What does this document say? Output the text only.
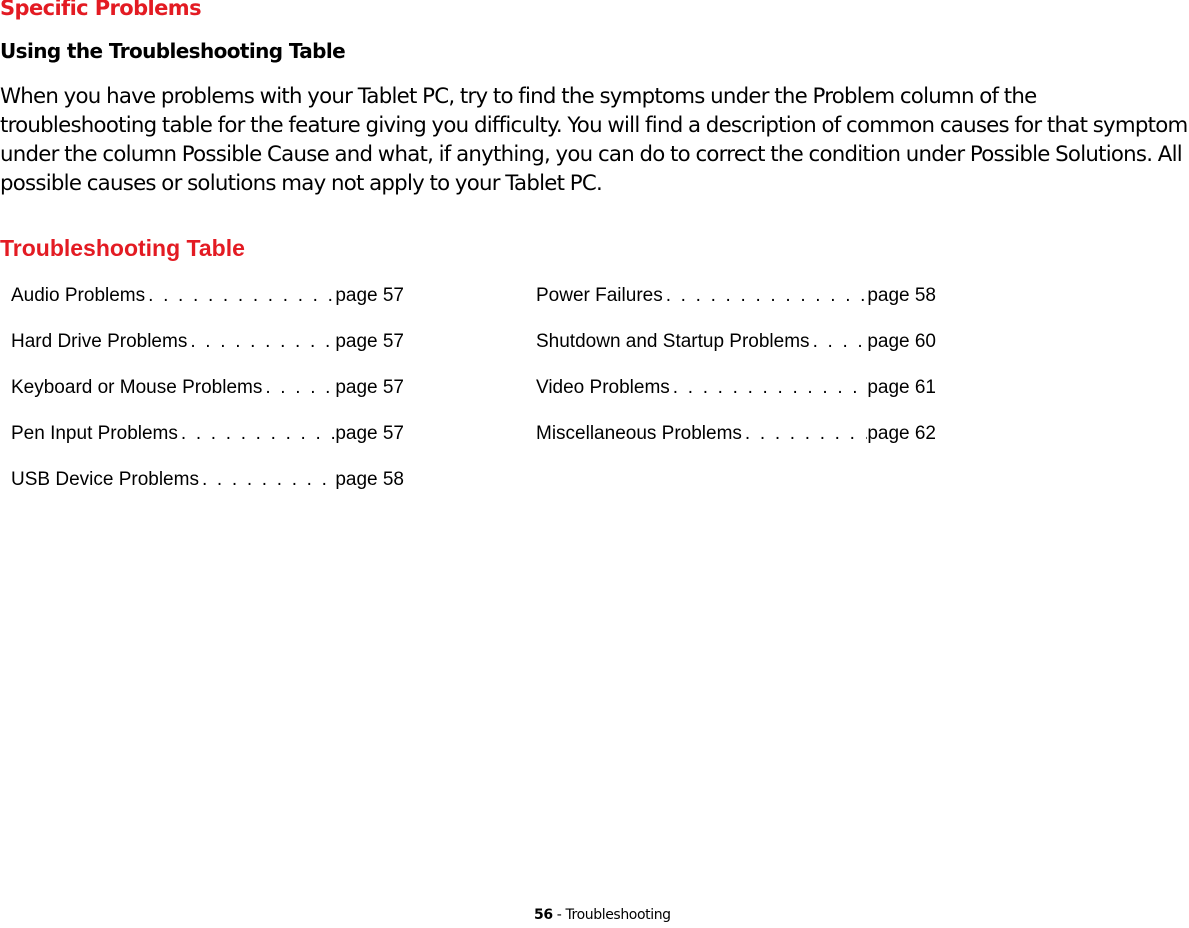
Specific Problems
Using the Troubleshooting Table

When you have problems with your Tablet PC, try to find the symptoms under the Problem column of the troubleshooting table for the feature giving you difficulty. You will find a description of common causes for that symptom under the column Possible Cause and what, if anything, you can do to correct the condition under Possible Solutions. All possible causes or solutions may not apply to your Tablet PC.

Troubleshooting Table
Audio Problems . . .	page 57
Hard Drive Problems . . .	page 57
Keyboard or Mouse Problems . . .	page 57
Pen Input Problems . . .	page 57
USB Device Problems . . .	page 58
Power Failures . . .	page 58
Shutdown and Startup Problems . . .	page 60
Video Problems . . .	page 61
Miscellaneous Problems . . .	page 62
56 - Troubleshooting
